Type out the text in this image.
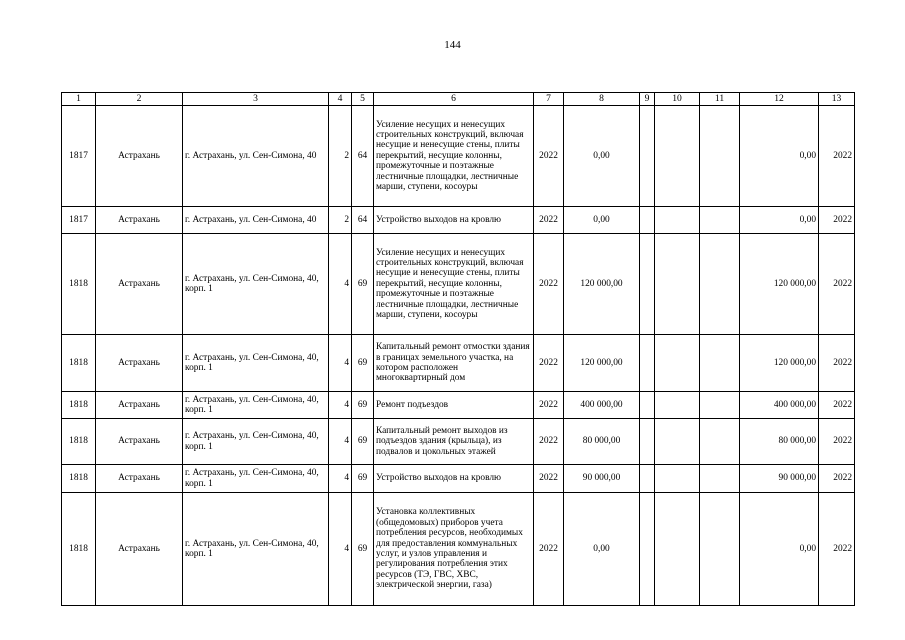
144
1	2	3	4	5	6	7	8	9	10	11	12	13
1817	Астрахань	г. Астрахань, ул. Сен-Симона, 40	2	64	Усиление несущих и ненесущих строительных конструкций, включая несущие и ненесущие стены, плиты перекрытий, несущие колонны, промежуточные и поэтажные лестничные площадки, лестничные марши, ступени, косоуры	2022	0,00				0,00	2022
1817	Астрахань	г. Астрахань, ул. Сен-Симона, 40	2	64	Устройство выходов на кровлю	2022	0,00				0,00	2022
1818	Астрахань	г. Астрахань, ул. Сен-Симона, 40, корп. 1	4	69	Усиление несущих и ненесущих строительных конструкций, включая несущие и ненесущие стены, плиты перекрытий, несущие колонны, промежуточные и поэтажные лестничные площадки, лестничные марши, ступени, косоуры	2022	120 000,00				120 000,00	2022
1818	Астрахань	г. Астрахань, ул. Сен-Симона, 40, корп. 1	4	69	Капитальный ремонт отмостки здания в границах земельного участка, на котором расположен многоквартирный дом	2022	120 000,00				120 000,00	2022
1818	Астрахань	г. Астрахань, ул. Сен-Симона, 40, корп. 1	4	69	Ремонт подъездов	2022	400 000,00				400 000,00	2022
1818	Астрахань	г. Астрахань, ул. Сен-Симона, 40, корп. 1	4	69	Капитальный ремонт выходов из подъездов здания (крыльца), из подвалов и цокольных этажей	2022	80 000,00				80 000,00	2022
1818	Астрахань	г. Астрахань, ул. Сен-Симона, 40, корп. 1	4	69	Устройство выходов на кровлю	2022	90 000,00				90 000,00	2022
1818	Астрахань	г. Астрахань, ул. Сен-Симона, 40, корп. 1	4	69	Установка коллективных (общедомовых) приборов учета потребления ресурсов, необходимых для предоставления коммунальных услуг, и узлов управления и регулирования потребления этих ресурсов (ТЭ, ГВС, ХВС, электрической энергии, газа)	2022	0,00				0,00	2022
